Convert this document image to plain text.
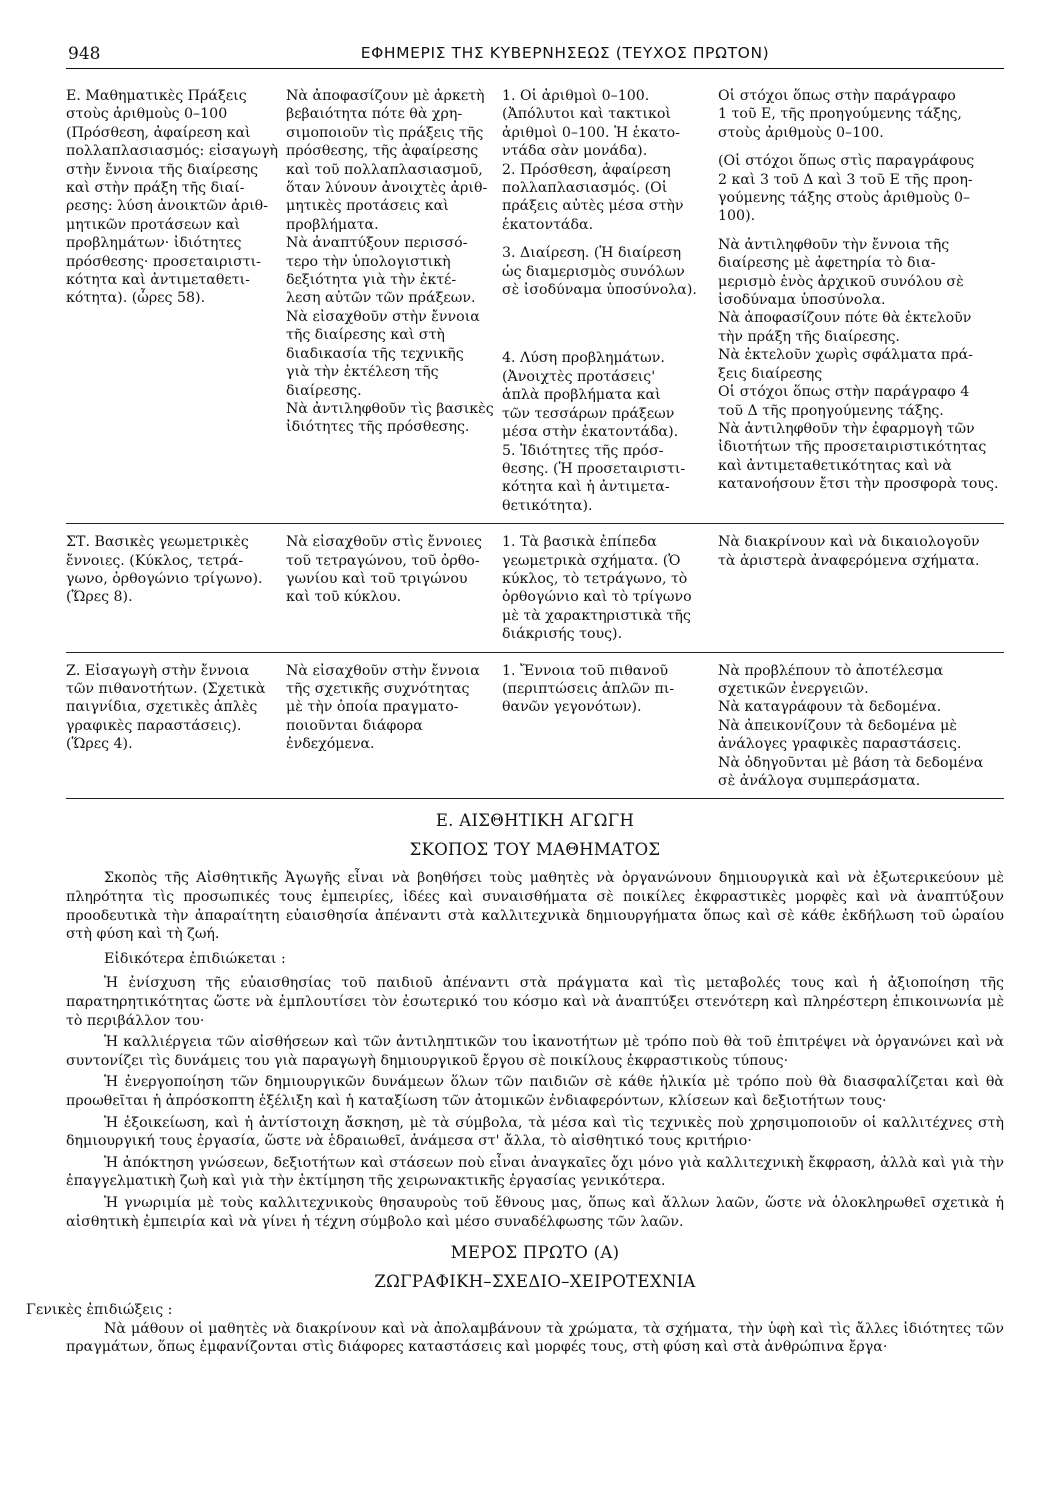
948	ΕΦΗΜΕΡΙΣ ΤΗΣ ΚΥΒΕΡΝΗΣΕΩΣ (ΤΕΥΧΟΣ ΠΡΩΤΟΝ)
Ε. Μαθηματικὲς Πράξεις
στοὺς ἀριθμοὺς 0–100
(Πρόσθεση, ἀφαίρεση καὶ
πολλαπλασιασμός: εἰσαγωγὴ
στὴν ἔννοια τῆς διαίρεσης
καὶ στὴν πράξη τῆς διαί-
ρεσης: λύση ἀνοικτῶν ἀριθ-
μητικῶν προτάσεων καὶ
προβλημάτων· ἰδιότητες
πρόσθεσης· προσεταιριστι-
κότητα καὶ ἀντιμεταθετι-
κότητα). (ὧρες 58).
Νὰ ἀποφασίζουν μὲ ἀρκετὴ
βεβαιότητα πότε θὰ χρη-
σιμοποιοῦν τὶς πράξεις τῆς
πρόσθεσης, τῆς ἀφαίρεσης
καὶ τοῦ πολλαπλασιασμοῦ,
ὅταν λύνουν ἀνοιχτὲς ἀριθ-
μητικὲς προτάσεις καὶ
προβλήματα.
Νὰ ἀναπτύξουν περισσό-
τερο τὴν ὑπολογιστικὴ
δεξιότητα γιὰ τὴν ἐκτέ-
λεση αὐτῶν τῶν πράξεων.
Νὰ εἰσαχθοῦν στὴν ἔννοια
τῆς διαίρεσης καὶ στὴ
διαδικασία τῆς τεχνικῆς
γιὰ τὴν ἐκτέλεση τῆς
διαίρεσης.
Νὰ ἀντιληφθοῦν τὶς βασικὲς
ἰδιότητες τῆς πρόσθεσης.
1. Οἱ ἀριθμοὶ 0–100.
(Ἀπόλυτοι καὶ τακτικοὶ
ἀριθμοὶ 0–100. Ἡ ἑκατο-
ντάδα σὰν μονάδα).
2. Πρόσθεση, ἀφαίρεση
πολλαπλασιασμός. (Οἱ
πράξεις αὐτὲς μέσα στὴν
ἑκατοντάδα.
3. Διαίρεση. (Ἡ διαίρεση
ὡς διαμερισμὸς συνόλων
σὲ ἰσοδύναμα ὑποσύνολα).
4. Λύση προβλημάτων.
(Ἀνοιχτὲς προτάσεις'
ἁπλὰ προβλήματα καὶ
τῶν τεσσάρων πράξεων
μέσα στὴν ἑκατοντάδα).
5. Ἰδιότητες τῆς πρόσ-
θεσης. (Ἡ προσεταιριστι-
κότητα καὶ ἡ ἀντιμετα-
θετικότητα).
Οἱ στόχοι ὅπως στὴν παράγραφο
1 τοῦ Ε, τῆς προηγούμενης τάξης,
στοὺς ἀριθμοὺς 0–100.
(Οἱ στόχοι ὅπως στὶς παραγράφους
2 καὶ 3 τοῦ Δ καὶ 3 τοῦ Ε τῆς προη-
γούμενης τάξης στοὺς ἀριθμοὺς 0–
100).
Νὰ ἀντιληφθοῦν τὴν ἔννοια τῆς
διαίρεσης μὲ ἀφετηρία τὸ δια-
μερισμὸ ἑνὸς ἀρχικοῦ συνόλου σὲ
ἰσοδύναμα ὑποσύνολα.
Νὰ ἀποφασίζουν πότε θὰ ἐκτελοῦν
τὴν πράξη τῆς διαίρεσης.
Νὰ ἐκτελοῦν χωρὶς σφάλματα πρά-
ξεις διαίρεσης
Οἱ στόχοι ὅπως στὴν παράγραφο 4
τοῦ Δ τῆς προηγούμενης τάξης.
Νὰ ἀντιληφθοῦν τὴν ἐφαρμογὴ τῶν
ἰδιοτήτων τῆς προσεταιριστικότητας
καὶ ἀντιμεταθετικότητας καὶ νὰ
κατανοήσουν ἔτσι τὴν προσφορὰ τους.
ΣΤ. Βασικὲς γεωμετρικὲς
ἔννοιες. (Κύκλος, τετρά-
γωνο, ὀρθογώνιο τρίγωνο).
(Ὥρες 8).
Νὰ εἰσαχθοῦν στὶς ἔννοιες
τοῦ τετραγώνου, τοῦ ὀρθο-
γωνίου καὶ τοῦ τριγώνου
καὶ τοῦ κύκλου.
1. Τὰ βασικὰ ἐπίπεδα
γεωμετρικὰ σχήματα. (Ὁ
κύκλος, τὸ τετράγωνο, τὸ
ὀρθογώνιο καὶ τὸ τρίγωνο
μὲ τὰ χαρακτηριστικὰ τῆς
διάκρισής τους).
Νὰ διακρίνουν καὶ νὰ δικαιολογοῦν
τὰ ἀριστερὰ ἀναφερόμενα σχήματα.
Ζ. Εἰσαγωγὴ στὴν ἔννοια
τῶν πιθανοτήτων. (Σχετικὰ
παιγνίδια, σχετικὲς ἁπλὲς
γραφικὲς παραστάσεις).
(Ὥρες 4).
Νὰ εἰσαχθοῦν στὴν ἔννοια
τῆς σχετικῆς συχνότητας
μὲ τὴν ὁποία πραγματο-
ποιοῦνται διάφορα
ἐνδεχόμενα.
1. Ἔννοια τοῦ πιθανοῦ
(περιπτώσεις ἁπλῶν πι-
θανῶν γεγονότων).
Νὰ προβλέπουν τὸ ἀποτέλεσμα
σχετικῶν ἐνεργειῶν.
Νὰ καταγράφουν τὰ δεδομένα.
Νὰ ἀπεικονίζουν τὰ δεδομένα μὲ
ἀνάλογες γραφικὲς παραστάσεις.
Νὰ ὁδηγοῦνται μὲ βάση τὰ δεδομένα
σὲ ἀνάλογα συμπεράσματα.
Ε. ΑΙΣΘΗΤΙΚΗ ΑΓΩΓΗ
ΣΚΟΠΟΣ ΤΟΥ ΜΑΘΗΜΑΤΟΣ

Σκοπὸς τῆς Αἰσθητικῆς Ἀγωγῆς εἶναι νὰ βοηθήσει τοὺς μαθητὲς νὰ ὀργανώνουν δημιουργικὰ καὶ νὰ ἐξωτερικεύουν μὲ πληρότητα τὶς προσωπικές τους ἐμπειρίες, ἰδέες καὶ συναισθήματα σὲ ποικίλες ἐκφραστικὲς μορφὲς καὶ νὰ ἀναπτύξουν προοδευτικὰ τὴν ἀπαραίτητη εὐαισθησία ἀπέναντι στὰ καλλιτεχνικὰ δημιουργήματα ὅπως καὶ σὲ κάθε ἐκδήλωση τοῦ ὡραίου στὴ φύση καὶ τὴ ζωή.

Εἰδικότερα ἐπιδιώκεται :

Ἡ ἐνίσχυση τῆς εὐαισθησίας τοῦ παιδιοῦ ἀπέναντι στὰ πράγματα καὶ τὶς μεταβολές τους καὶ ἡ ἀξιοποίηση τῆς παρατηρητικότητας ὥστε νὰ ἐμπλουτίσει τὸν ἐσωτερικό του κόσμο καὶ νὰ ἀναπτύξει στενότερη καὶ πληρέστερη ἐπικοινωνία μὲ τὸ περιβάλλον του·

Ἡ καλλιέργεια τῶν αἰσθήσεων καὶ τῶν ἀντιληπτικῶν του ἱκανοτήτων μὲ τρόπο ποὺ θὰ τοῦ ἐπιτρέψει νὰ ὀργανώνει καὶ νὰ συντονίζει τὶς δυνάμεις του γιὰ παραγωγὴ δημιουργικοῦ ἔργου σὲ ποικίλους ἐκφραστικοὺς τύπους·

Ἡ ἐνεργοποίηση τῶν δημιουργικῶν δυνάμεων ὅλων τῶν παιδιῶν σὲ κάθε ἡλικία μὲ τρόπο ποὺ θὰ διασφαλίζεται καὶ θὰ προωθεῖται ἡ ἀπρόσκοπτη ἐξέλιξη καὶ ἡ καταξίωση τῶν ἀτομικῶν ἐνδιαφερόντων, κλίσεων καὶ δεξιοτήτων τους·

Ἡ ἐξοικείωση, καὶ ἡ ἀντίστοιχη ἄσκηση, μὲ τὰ σύμβολα, τὰ μέσα καὶ τὶς τεχνικὲς ποὺ χρησιμοποιοῦν οἱ καλλιτέχνες στὴ δημιουργική τους ἐργασία, ὥστε νὰ ἑδραιωθεῖ, ἀνάμεσα στ' ἄλλα, τὸ αἰσθητικό τους κριτήριο·

Ἡ ἀπόκτηση γνώσεων, δεξιοτήτων καὶ στάσεων ποὺ εἶναι ἀναγκαῖες ὄχι μόνο γιὰ καλλιτεχνικὴ ἔκφραση, ἀλλὰ καὶ γιὰ τὴν ἐπαγγελματικὴ ζωὴ καὶ γιὰ τὴν ἐκτίμηση τῆς χειρωνακτικῆς ἐργασίας γενικότερα.

Ἡ γνωριμία μὲ τοὺς καλλιτεχνικοὺς θησαυροὺς τοῦ ἔθνους μας, ὅπως καὶ ἄλλων λαῶν, ὥστε νὰ ὁλοκληρωθεῖ σχετικὰ ἡ αἰσθητικὴ ἐμπειρία καὶ νὰ γίνει ἡ τέχνη σύμβολο καὶ μέσο συναδέλφωσης τῶν λαῶν.

ΜΕΡΟΣ ΠΡΩΤΟ (Α)
ΖΩΓΡΑΦΙΚΗ–ΣΧΕΔΙΟ–ΧΕΙΡΟΤΕΧΝΙΑ

Γενικὲς ἐπιδιώξεις :

Νὰ μάθουν οἱ μαθητὲς νὰ διακρίνουν καὶ νὰ ἀπολαμβάνουν τὰ χρώματα, τὰ σχήματα, τὴν ὑφὴ καὶ τὶς ἄλλες ἰδιότητες τῶν πραγμάτων, ὅπως ἐμφανίζονται στὶς διάφορες καταστάσεις καὶ μορφές τους, στὴ φύση καὶ στὰ ἀνθρώπινα ἔργα·
